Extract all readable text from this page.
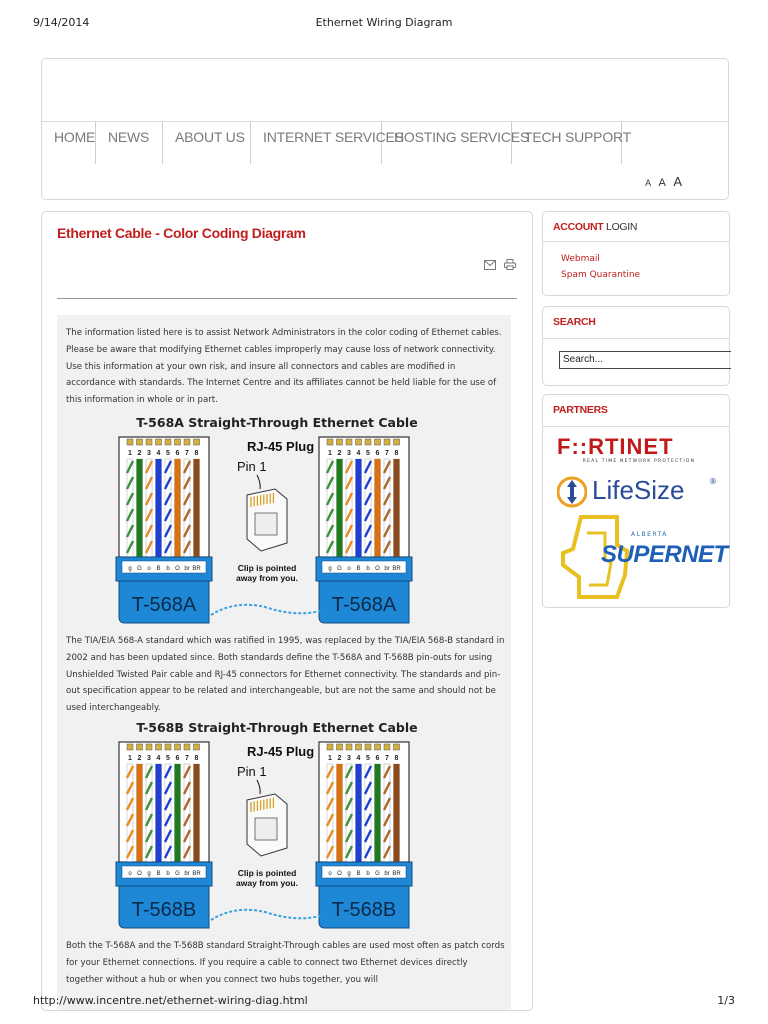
9/14/2014	Ethernet Wiring Diagram
HOME NEWS	ABOUT US	INTERNET SERVICES
HOSTING SERVICES
TECH SUPPORT
A A A
Ethernet Cable - Color Coding Diagram

The information listed here is to assist Network Administrators in the color coding of Ethernet cables. Please be aware that modifying Ethernet cables improperly may cause loss of network connectivity. Use this information at your own risk, and insure all connectors and cables are modified in accordance with standards. The Internet Centre and its affiliates cannot be held liable for the use of this information in whole or in part.

T-568A Straight-Through Ethernet Cable
1 2 3 4 5 6 7 8
g G o B b O br BR
T-568A
1 2 3 4 5 6 7 8
g G o B b O br BR
T-568A
RJ-45 Plug
Pin 1
Clip is pointed
away from you.

The TIA/EIA 568-A standard which was ratified in 1995, was replaced by the TIA/EIA 568-B standard in 2002 and has been updated since. Both standards define the T-568A and T-568B pin-outs for using Unshielded Twisted Pair cable and RJ-45 connectors for Ethernet connectivity. The standards and pin-out specification appear to be related and interchangeable, but are not the same and should not be used interchangeably.

T-568B Straight-Through Ethernet Cable
1 2 3 4 5 6 7 8
o O g B b G br BR
T-568B
1 2 3 4 5 6 7 8
o O g B b G br BR
T-568B
RJ-45 Plug
Pin 1
Clip is pointed
away from you.

Both the T-568A and the T-568B standard Straight-Through cables are used most often as patch cords for your Ethernet connections. If you require a cable to connect two Ethernet devices directly together without a hub or when you connect two hubs together, you will

ACCOUNT LOGIN
Webmail
Spam Quarantine
SEARCH
Search...
PARTNERS
F::RTINET
REAL TIME NETWORK PROTECTION
LifeSize	®
ALBERTA
SUPERNET
http://www.incentre.net/ethernet-wiring-diag.html	1/3
